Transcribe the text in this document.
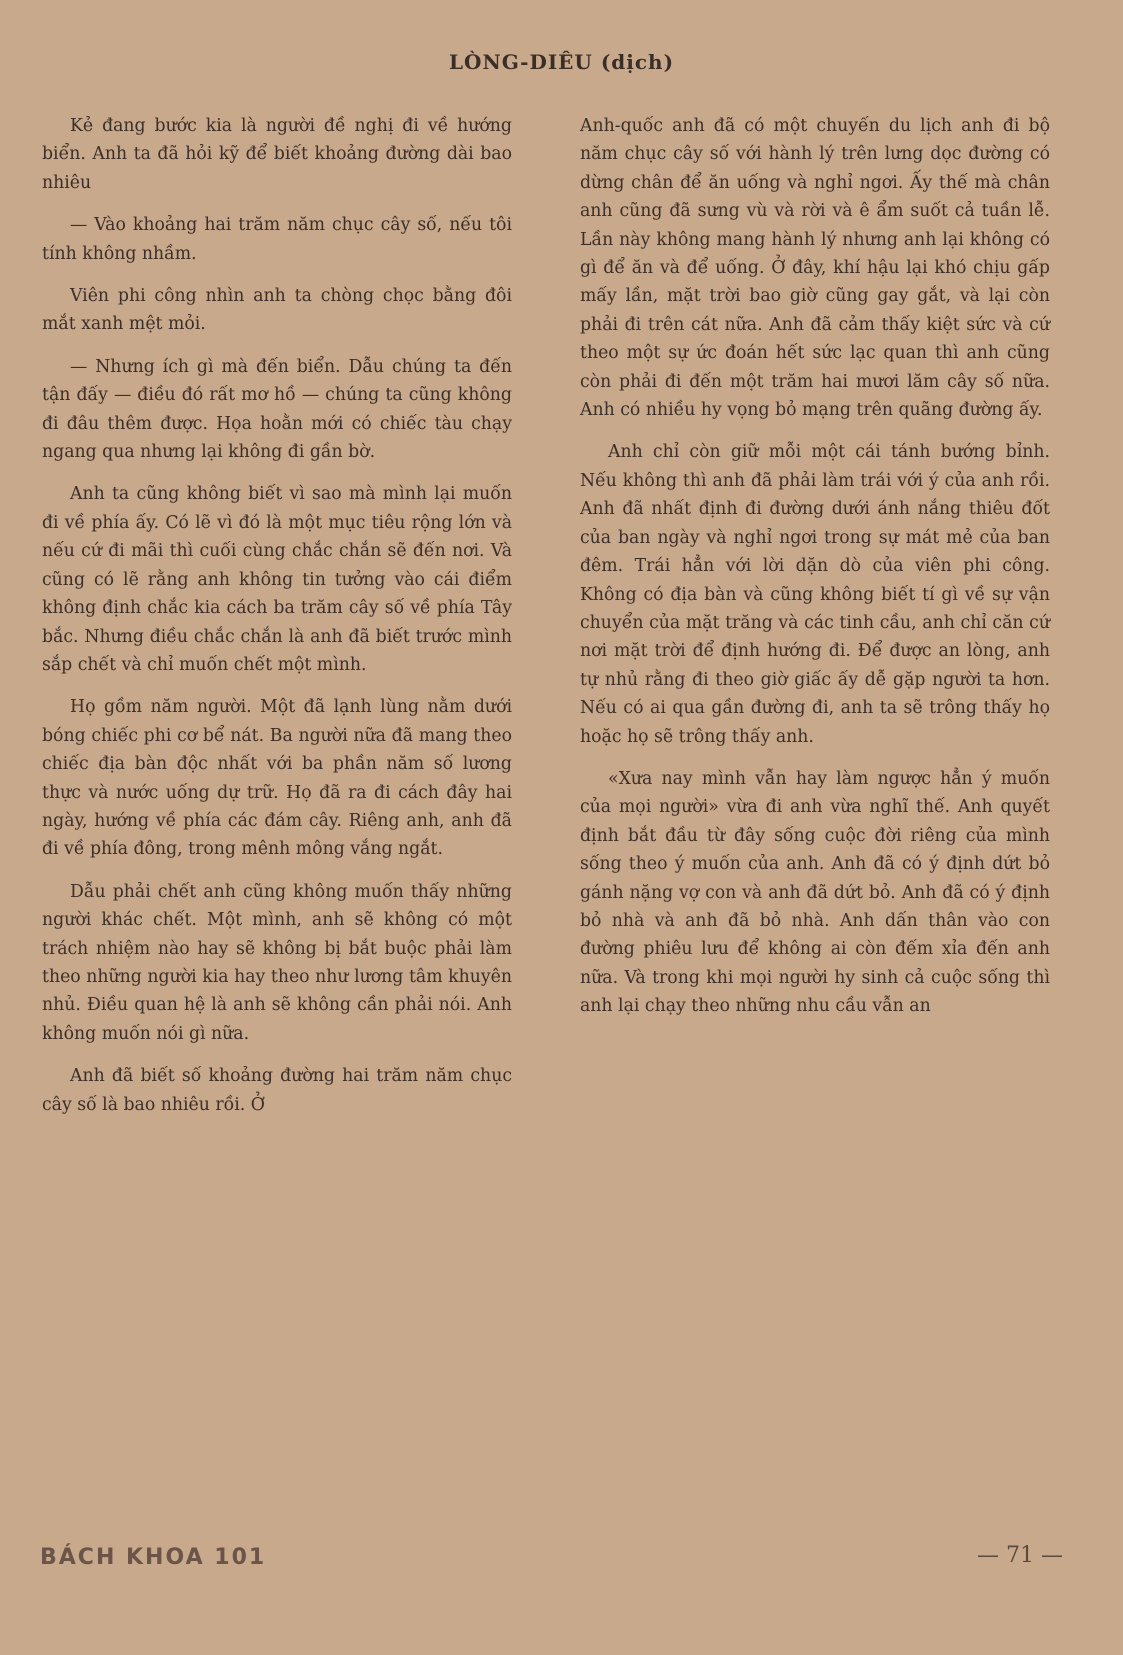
LÒNG-DIÊU (dịch)

Kẻ đang bước kia là người đề nghị đi về hướng biển. Anh ta đã hỏi kỹ để biết khoảng đường dài bao nhiêu

— Vào khoảng hai trăm năm chục cây số, nếu tôi tính không nhầm.

Viên phi công nhìn anh ta chòng chọc bằng đôi mắt xanh mệt mỏi.

— Nhưng ích gì mà đến biển. Dẫu chúng ta đến tận đấy — điều đó rất mơ hồ — chúng ta cũng không đi đâu thêm được. Họa hoằn mới có chiếc tàu chạy ngang qua nhưng lại không đi gần bờ.

Anh ta cũng không biết vì sao mà mình lại muốn đi về phía ấy. Có lẽ vì đó là một mục tiêu rộng lớn và nếu cứ đi mãi thì cuối cùng chắc chắn sẽ đến nơi. Và cũng có lẽ rằng anh không tin tưởng vào cái điểm không định chắc kia cách ba trăm cây số về phía Tây bắc. Nhưng điều chắc chắn là anh đã biết trước mình sắp chết và chỉ muốn chết một mình.

Họ gồm năm người. Một đã lạnh lùng nằm dưới bóng chiếc phi cơ bể nát. Ba người nữa đã mang theo chiếc địa bàn độc nhất với ba phần năm số lương thực và nước uống dự trữ. Họ đã ra đi cách đây hai ngày, hướng về phía các đám cây. Riêng anh, anh đã đi về phía đông, trong mênh mông vắng ngắt.

Dẫu phải chết anh cũng không muốn thấy những người khác chết. Một mình, anh sẽ không có một trách nhiệm nào hay sẽ không bị bắt buộc phải làm theo những người kia hay theo như lương tâm khuyên nhủ. Điều quan hệ là anh sẽ không cần phải nói. Anh không muốn nói gì nữa.

Anh đã biết số khoảng đường hai trăm năm chục cây số là bao nhiêu rồi. Ở

Anh-quốc anh đã có một chuyến du lịch anh đi bộ năm chục cây số với hành lý trên lưng dọc đường có dừng chân để ăn uống và nghỉ ngơi. Ấy thế mà chân anh cũng đã sưng vù và rời và ê ẩm suốt cả tuần lễ. Lần này không mang hành lý nhưng anh lại không có gì để ăn và để uống. Ở đây, khí hậu lại khó chịu gấp mấy lần, mặt trời bao giờ cũng gay gắt, và lại còn phải đi trên cát nữa. Anh đã cảm thấy kiệt sức và cứ theo một sự ức đoán hết sức lạc quan thì anh cũng còn phải đi đến một trăm hai mươi lăm cây số nữa. Anh có nhiều hy vọng bỏ mạng trên quãng đường ấy.

Anh chỉ còn giữ mỗi một cái tánh bướng bỉnh. Nếu không thì anh đã phải làm trái với ý của anh rồi. Anh đã nhất định đi đường dưới ánh nắng thiêu đốt của ban ngày và nghỉ ngơi trong sự mát mẻ của ban đêm. Trái hẳn với lời dặn dò của viên phi công. Không có địa bàn và cũng không biết tí gì về sự vận chuyển của mặt trăng và các tinh cầu, anh chỉ căn cứ nơi mặt trời để định hướng đi. Để được an lòng, anh tự nhủ rằng đi theo giờ giấc ấy dễ gặp người ta hơn. Nếu có ai qua gần đường đi, anh ta sẽ trông thấy họ hoặc họ sẽ trông thấy anh.

«Xưa nay mình vẫn hay làm ngược hẳn ý muốn của mọi người» vừa đi anh vừa nghĩ thế. Anh quyết định bắt đầu từ đây sống cuộc đời riêng của mình sống theo ý muốn của anh. Anh đã có ý định dứt bỏ gánh nặng vợ con và anh đã dứt bỏ. Anh đã có ý định bỏ nhà và anh đã bỏ nhà. Anh dấn thân vào con đường phiêu lưu để không ai còn đếm xỉa đến anh nữa. Và trong khi mọi người hy sinh cả cuộc sống thì anh lại chạy theo những nhu cầu vẫn an

BÁCH KHOA 101	— 71 —
